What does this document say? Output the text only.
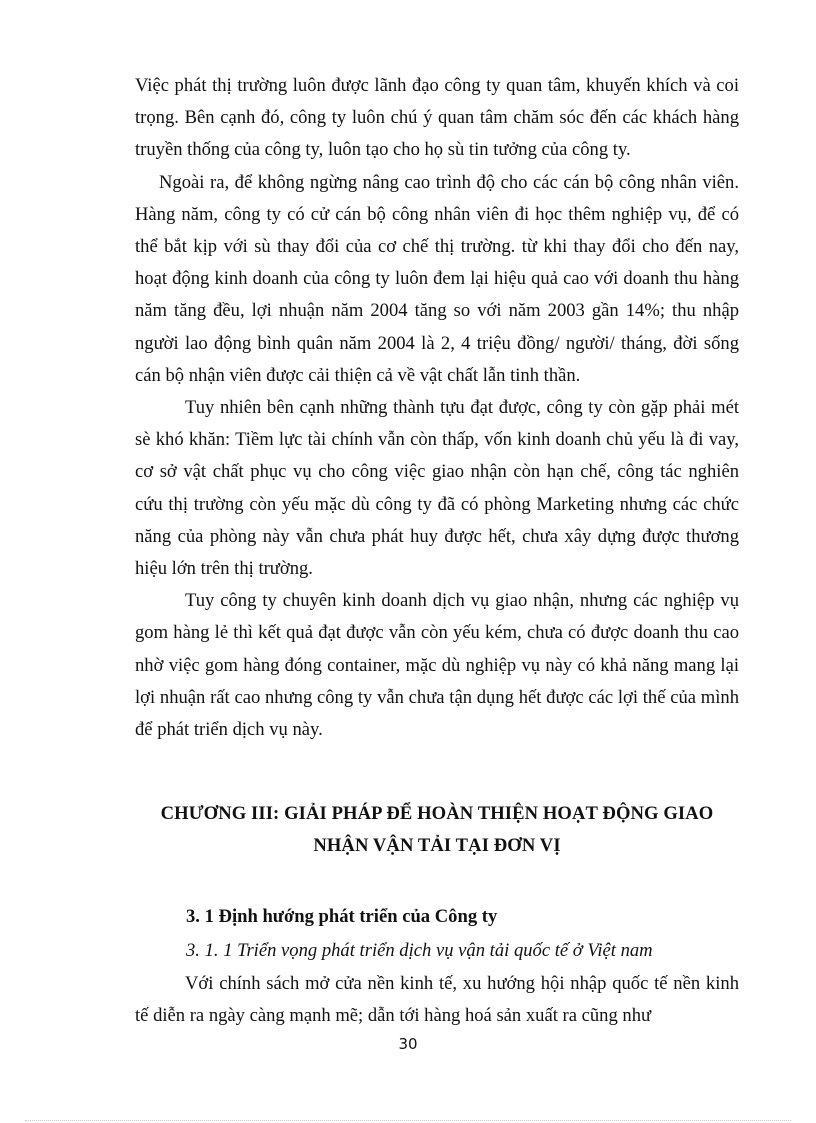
Việc phát thị trường luôn được lãnh đạo công ty quan tâm, khuyến khích và coi trọng. Bên cạnh đó, công ty luôn chú ý quan tâm chăm sóc đến các khách hàng truyền thống của công ty, luôn tạo cho họ sù tin tưởng của công ty.

Ngoài ra, để không ngừng nâng cao trình độ cho các cán bộ công nhân viên. Hàng năm, công ty có cử cán bộ công nhân viên đi học thêm nghiệp vụ, để có thể bắt kịp với sù thay đổi của cơ chế thị trường. từ khi thay đổi cho đến nay, hoạt động kinh doanh của công ty luôn đem lại hiệu quả cao với doanh thu hàng năm tăng đều, lợi nhuận năm 2004 tăng so với năm 2003 gần 14%; thu nhập người lao động bình quân năm 2004 là 2, 4 triệu đồng/ người/ tháng, đời sống cán bộ nhận viên được cải thiện cả về vật chất lẫn tinh thần.

Tuy nhiên bên cạnh những thành tựu đạt được, công ty còn gặp phải mét sè khó khăn: Tiềm lực tài chính vẫn còn thấp, vốn kinh doanh chủ yếu là đi vay, cơ sở vật chất phục vụ cho công việc giao nhận còn hạn chế, công tác nghiên cứu thị trường còn yếu mặc dù công ty đã có phòng Marketing nhưng các chức năng của phòng này vẫn chưa phát huy được hết, chưa xây dựng được thương hiệu lớn trên thị trường.

Tuy công ty chuyên kinh doanh dịch vụ giao nhận, nhưng các nghiệp vụ gom hàng lẻ thì kết quả đạt được vẫn còn yếu kém, chưa có được doanh thu cao nhờ việc gom hàng đóng container, mặc dù nghiệp vụ này có khả năng mang lại lợi nhuận rất cao nhưng công ty vẫn chưa tận dụng hết được các lợi thế của mình để phát triển dịch vụ này.

CHƯƠNG III: GIẢI PHÁP ĐỂ HOÀN THIỆN HOẠT ĐỘNG GIAO
NHẬN VẬN TẢI TẠI ĐƠN VỊ
3. 1 Định hướng phát triển của Công ty
3. 1. 1 Triển vọng phát triển dịch vụ vận tải quốc tế ở Việt nam

Với chính sách mở cửa nền kinh tế, xu hướng hội nhập quốc tế nền kinh tế diễn ra ngày càng mạnh mẽ; dẫn tới hàng hoá sản xuất ra cũng như

30
